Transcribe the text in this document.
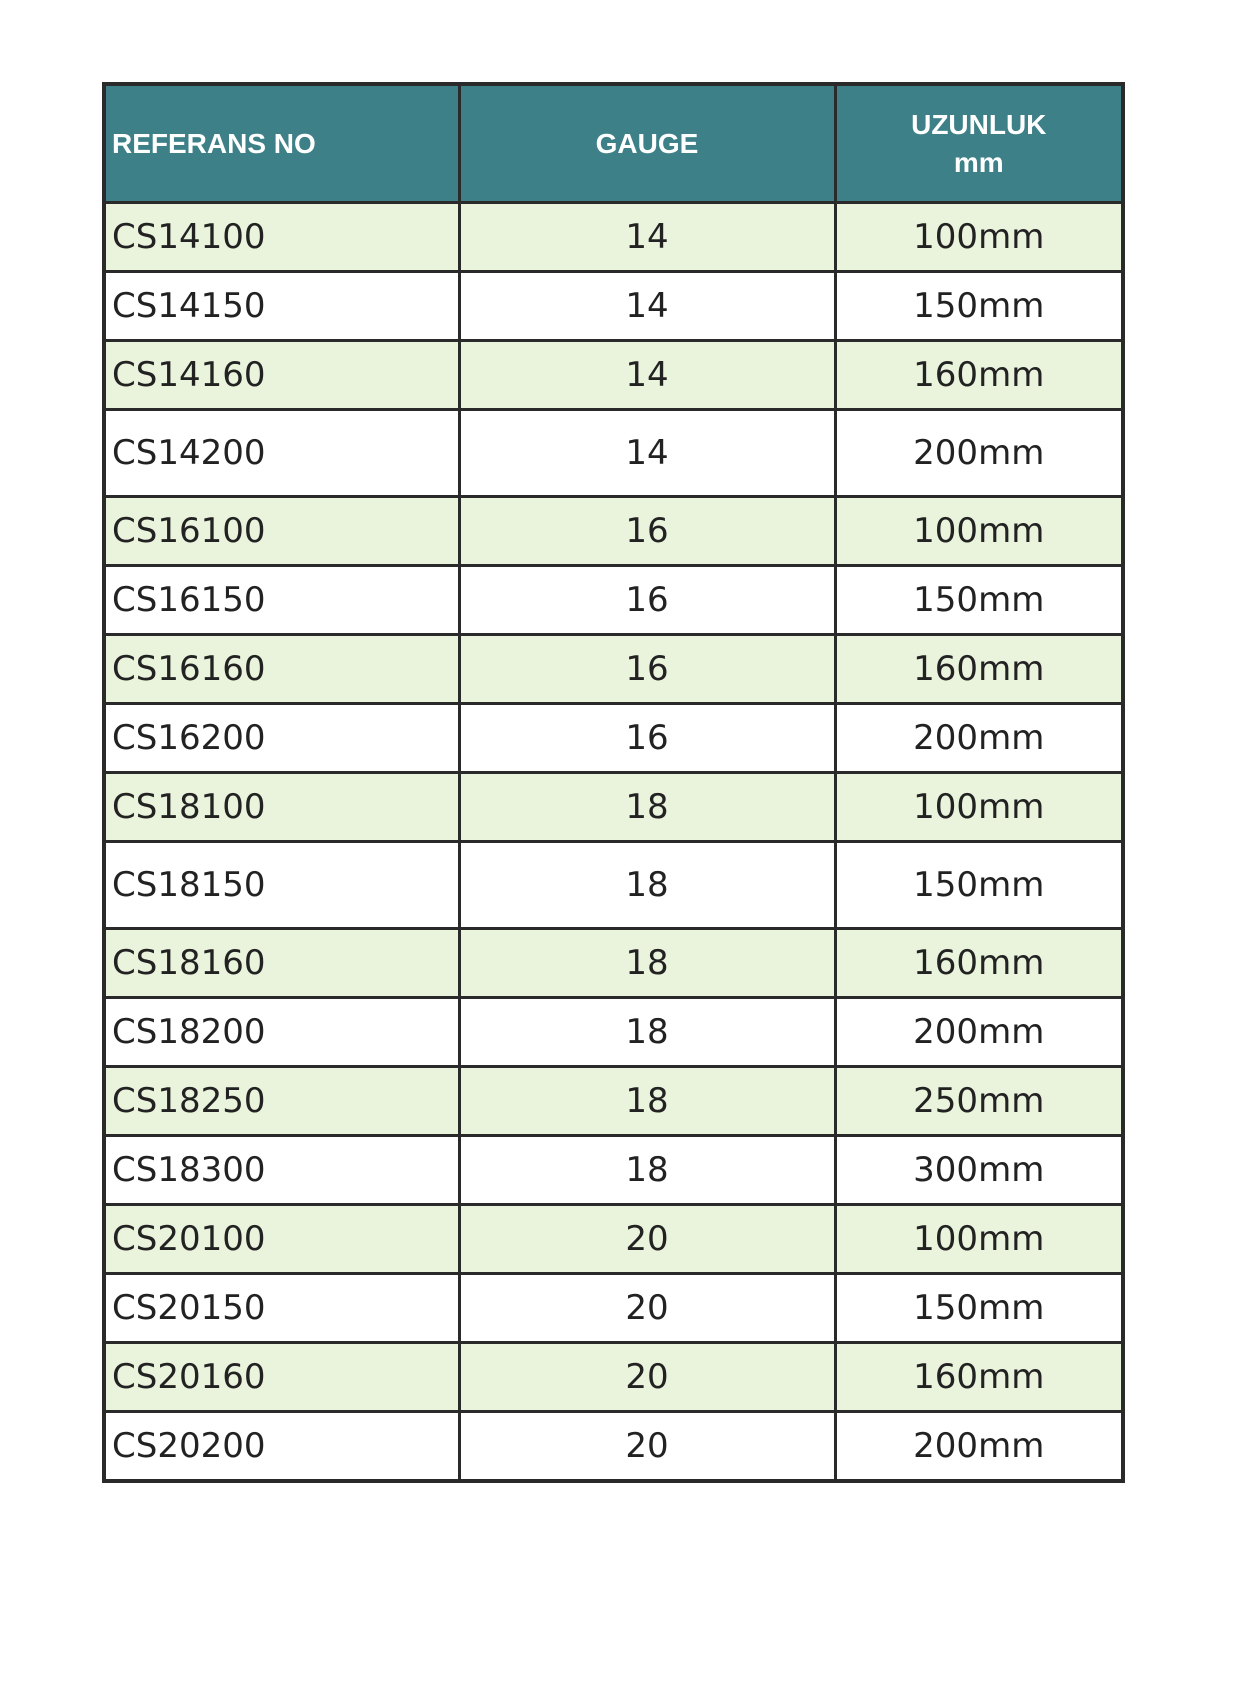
REFERANS NO	GAUGE	UZUNLUK
mm
CS14100	14	100mm
CS14150	14	150mm
CS14160	14	160mm
CS14200	14	200mm
CS16100	16	100mm
CS16150	16	150mm
CS16160	16	160mm
CS16200	16	200mm
CS18100	18	100mm
CS18150	18	150mm
CS18160	18	160mm
CS18200	18	200mm
CS18250	18	250mm
CS18300	18	300mm
CS20100	20	100mm
CS20150	20	150mm
CS20160	20	160mm
CS20200	20	200mm
